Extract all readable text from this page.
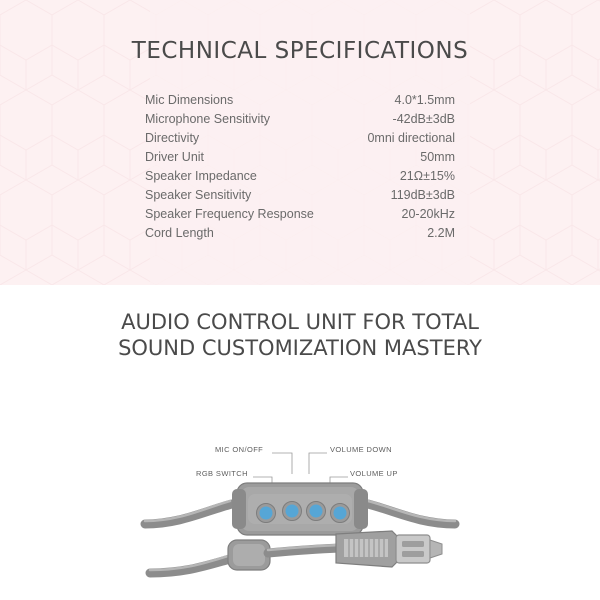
TECHNICAL SPECIFICATIONS
Mic Dimensions	4.0*1.5mm
Microphone Sensitivity	-42dB±3dB
Directivity	0mni directional
Driver Unit	50mm
Speaker Impedance	21Ω±15%
Speaker Sensitivity	119dB±3dB
Speaker Frequency Response	20-20kHz
Cord Length	2.2M
AUDIO CONTROL UNIT FOR TOTAL
SOUND CUSTOMIZATION MASTERY
MIC ON/OFF	VOLUME DOWN
RGB SWITCH	VOLUME UP
